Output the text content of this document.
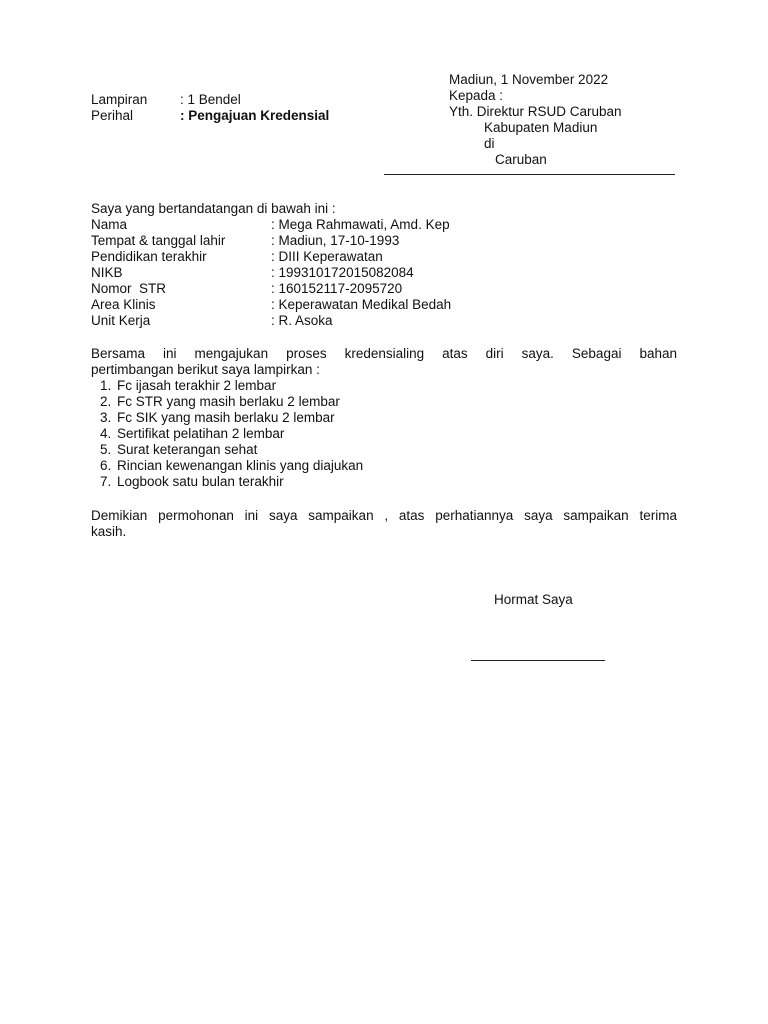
Madiun, 1 November 2022
Kepada :
Yth. Direktur RSUD Caruban
Kabupaten Madiun
di
Caruban
Lampiran : 1 Bendel
Perihal	: Pengajuan Kredensial
Saya yang bertandatangan di bawah ini :
Nama	: Mega Rahmawati, Amd. Kep
Tempat & tanggal lahir	: Madiun, 17-10-1993
Pendidikan terakhir	: DIII Keperawatan
NIKB	: 199310172015082084
Nomor  STR	: 160152117-2095720
Area Klinis	: Keperawatan Medikal Bedah
Unit Kerja	: R. Asoka
Bersama ini mengajukan proses kredensialing atas diri saya. Sebagai bahan
pertimbangan berikut saya lampirkan :
1. Fc ijasah terakhir 2 lembar
2. Fc STR yang masih berlaku 2 lembar
3. Fc SIK yang masih berlaku 2 lembar
4. Sertifikat pelatihan 2 lembar
5. Surat keterangan sehat
6. Rincian kewenangan klinis yang diajukan
7. Logbook satu bulan terakhir
Demikian permohonan ini saya sampaikan , atas perhatiannya saya sampaikan terima
kasih.
Hormat Saya
